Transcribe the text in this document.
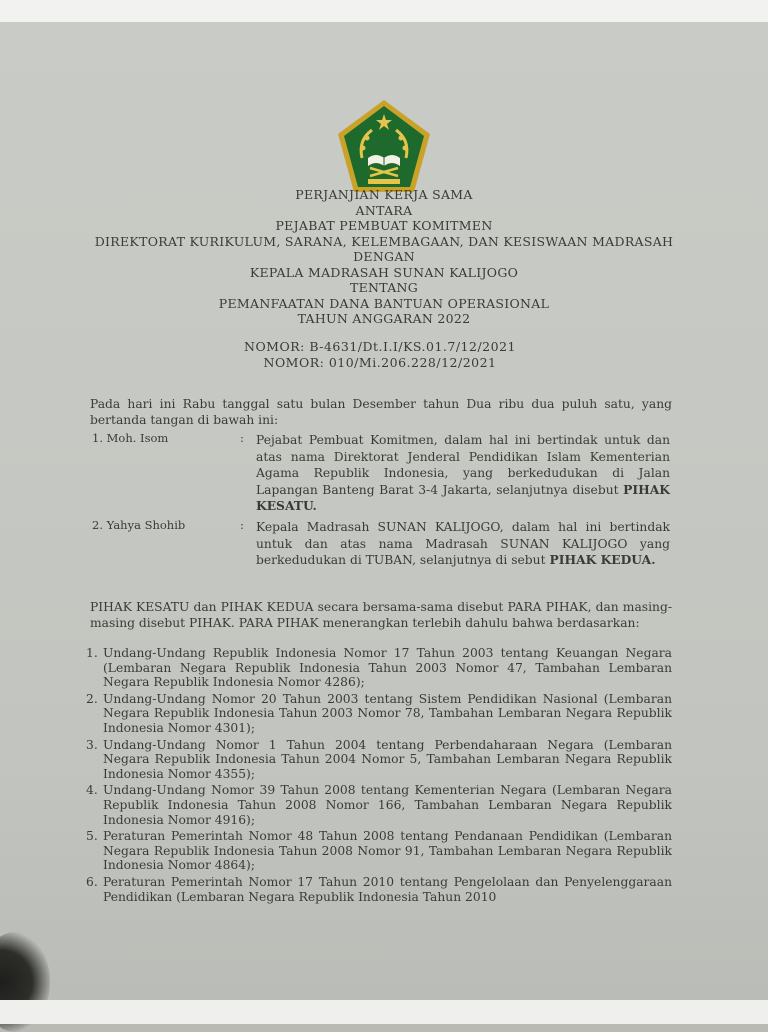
PERJANJIAN KERJA SAMA
ANTARA
PEJABAT PEMBUAT KOMITMEN
DIREKTORAT KURIKULUM, SARANA, KELEMBAGAAN, DAN KESISWAAN MADRASAH
DENGAN
KEPALA MADRASAH SUNAN KALIJOGO
TENTANG
PEMANFAATAN DANA BANTUAN OPERASIONAL
TAHUN ANGGARAN 2022
NOMOR: B-4631/Dt.I.I/KS.01.7/12/2021
NOMOR: 010/Mi.206.228/12/2021
Pada hari ini Rabu tanggal satu bulan Desember tahun Dua ribu dua puluh satu, yang bertanda tangan di bawah ini:
1. Moh. Isom	: Pejabat Pembuat Komitmen, dalam hal ini bertindak untuk dan atas nama Direktorat Jenderal Pendidikan Islam Kementerian Agama Republik Indonesia, yang berkedudukan di Jalan Lapangan Banteng Barat 3-4 Jakarta, selanjutnya disebut PIHAK KESATU.
2. Yahya Shohib	: Kepala Madrasah SUNAN KALIJOGO, dalam hal ini bertindak untuk dan atas nama Madrasah SUNAN KALIJOGO yang berkedudukan di TUBAN, selanjutnya di sebut PIHAK KEDUA.
PIHAK KESATU dan PIHAK KEDUA secara bersama-sama disebut PARA PIHAK, dan masing-masing disebut PIHAK. PARA PIHAK menerangkan terlebih dahulu bahwa berdasarkan:
1. Undang-Undang Republik Indonesia Nomor 17 Tahun 2003 tentang Keuangan Negara (Lembaran Negara Republik Indonesia Tahun 2003 Nomor 47, Tambahan Lembaran Negara Republik Indonesia Nomor 4286);
2. Undang-Undang Nomor 20 Tahun 2003 tentang Sistem Pendidikan Nasional (Lembaran Negara Republik Indonesia Tahun 2003 Nomor 78, Tambahan Lembaran Negara Republik Indonesia Nomor 4301);
3. Undang-Undang Nomor 1 Tahun 2004 tentang Perbendaharaan Negara (Lembaran Negara Republik Indonesia Tahun 2004 Nomor 5, Tambahan Lembaran Negara Republik Indonesia Nomor 4355);
4. Undang-Undang Nomor 39 Tahun 2008 tentang Kementerian Negara (Lembaran Negara Republik Indonesia Tahun 2008 Nomor 166, Tambahan Lembaran Negara Republik Indonesia Nomor 4916);
5. Peraturan Pemerintah Nomor 48 Tahun 2008 tentang Pendanaan Pendidikan (Lembaran Negara Republik Indonesia Tahun 2008 Nomor 91, Tambahan Lembaran Negara Republik Indonesia Nomor 4864);
6. Peraturan Pemerintah Nomor 17 Tahun 2010 tentang Pengelolaan dan Penyelenggaraan Pendidikan (Lembaran Negara Republik Indonesia Tahun 2010
